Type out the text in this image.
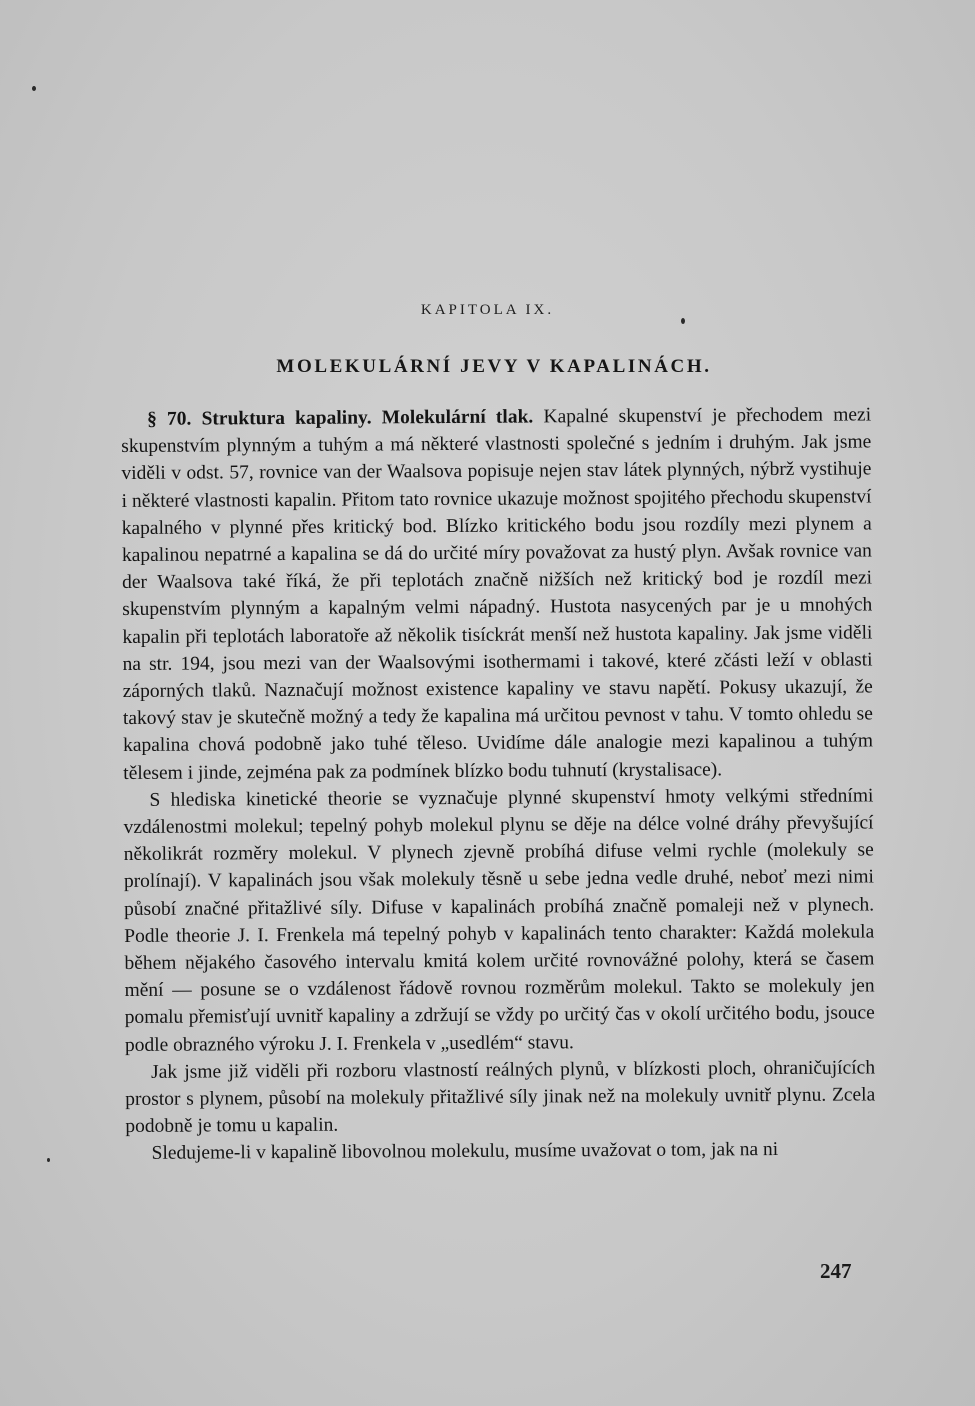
KAPITOLA IX.
MOLEKULÁRNÍ JEVY V KAPALINÁCH.

§ 70. Struktura kapaliny. Molekulární tlak. Kapalné skupenství je přechodem mezi skupenstvím plynným a tuhým a má některé vlastnosti společné s jedním i druhým. Jak jsme viděli v odst. 57, rovnice van der Waalsova popisuje nejen stav látek plynných, nýbrž vystihuje i některé vlastnosti kapalin. Přitom tato rovnice ukazuje možnost spojitého přechodu skupenství kapalného v plynné přes kritický bod. Blízko kritického bodu jsou rozdíly mezi plynem a kapalinou nepatrné a kapalina se dá do určité míry považovat za hustý plyn. Avšak rovnice van der Waalsova také říká, že při teplotách značně nižších než kritický bod je rozdíl mezi skupenstvím plynným a kapalným velmi nápadný. Hustota nasycených par je u mnohých kapalin při teplotách laboratoře až několik tisíckrát menší než hustota kapaliny. Jak jsme viděli na str. 194, jsou mezi van der Waalsovými isothermami i takové, které zčásti leží v oblasti záporných tlaků. Naznačují možnost existence kapaliny ve stavu napětí. Pokusy ukazují, že takový stav je skutečně možný a tedy že kapalina má určitou pevnost v tahu. V tomto ohledu se kapalina chová podobně jako tuhé těleso. Uvidíme dále analogie mezi kapalinou a tuhým tělesem i jinde, zejména pak za podmínek blízko bodu tuhnutí (krystalisace).

S hlediska kinetické theorie se vyznačuje plynné skupenství hmoty velkými středními vzdálenostmi molekul; tepelný pohyb molekul plynu se děje na délce volné dráhy převyšující několikrát rozměry molekul. V plynech zjevně probíhá difuse velmi rychle (molekuly se prolínají). V kapalinách jsou však molekuly těsně u sebe jedna vedle druhé, neboť mezi nimi působí značné přitažlivé síly. Difuse v kapalinách probíhá značně pomaleji než v plynech. Podle theorie J. I. Frenkela má tepelný pohyb v kapalinách tento charakter: Každá molekula během nějakého časového intervalu kmitá kolem určité rovnovážné polohy, která se časem mění — posune se o vzdálenost řádově rovnou rozměrům molekul. Takto se molekuly jen pomalu přemisťují uvnitř kapaliny a zdržují se vždy po určitý čas v okolí určitého bodu, jsouce podle obrazného výroku J. I. Frenkela v „usedlém“ stavu.

Jak jsme již viděli při rozboru vlastností reálných plynů, v blízkosti ploch, ohraničujících prostor s plynem, působí na molekuly přitažlivé síly jinak než na molekuly uvnitř plynu. Zcela podobně je tomu u kapalin.

Sledujeme-li v kapalině libovolnou molekulu, musíme uvažovat o tom, jak na ni

247
